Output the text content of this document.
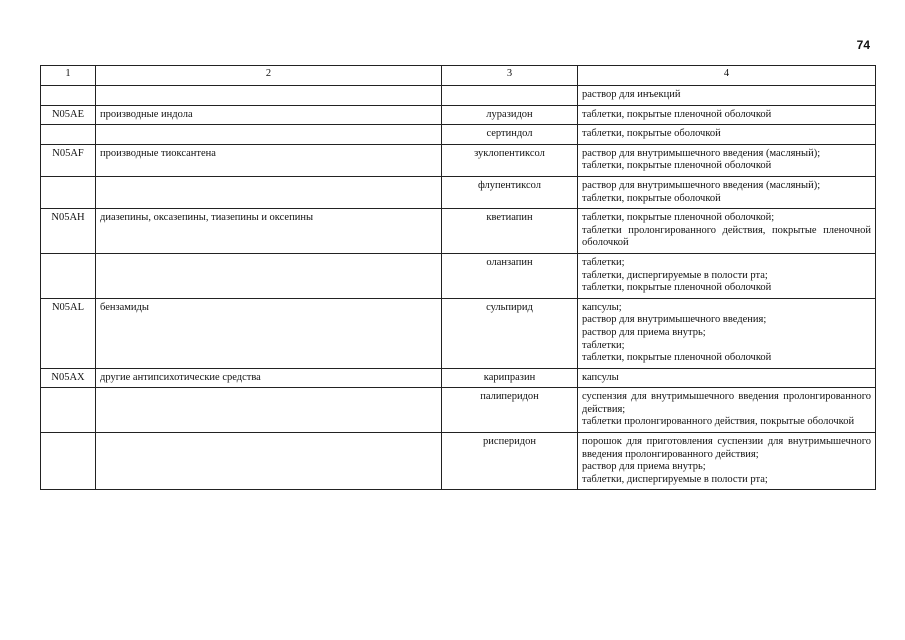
74
1	2	3	4

			раствор для инъекций

N05AE	производные индола	луразидон	таблетки, покрытые пленочной оболочкой

		сертиндол	таблетки, покрытые оболочкой

N05AF	производные тиоксантена	зуклопентиксол	раствор для внутримышечного введения (масляный);
таблетки, покрытые пленочной оболочкой

		флупентиксол	раствор для внутримышечного введения (масляный);
таблетки, покрытые оболочкой

N05AH	диазепины, оксазепины, тиазепины и оксепины	кветиапин	таблетки, покрытые пленочной оболочкой;
таблетки пролонгированного действия, покрытые пленочной оболочкой

		оланзапин	таблетки;
таблетки, диспергируемые в полости рта;
таблетки, покрытые пленочной оболочкой

N05AL	бензамиды	сульпирид	капсулы;
раствор для внутримышечного введения;
раствор для приема внутрь;
таблетки;
таблетки, покрытые пленочной оболочкой

N05AX	другие антипсихотические средства	карипразин	капсулы

		палиперидон	суспензия для внутримышечного введения пролонгированного действия;
таблетки пролонгированного действия, покрытые оболочкой

		рисперидон	порошок для приготовления суспензии для внутримышечного введения пролонгированного действия;
раствор для приема внутрь;
таблетки, диспергируемые в полости рта;
